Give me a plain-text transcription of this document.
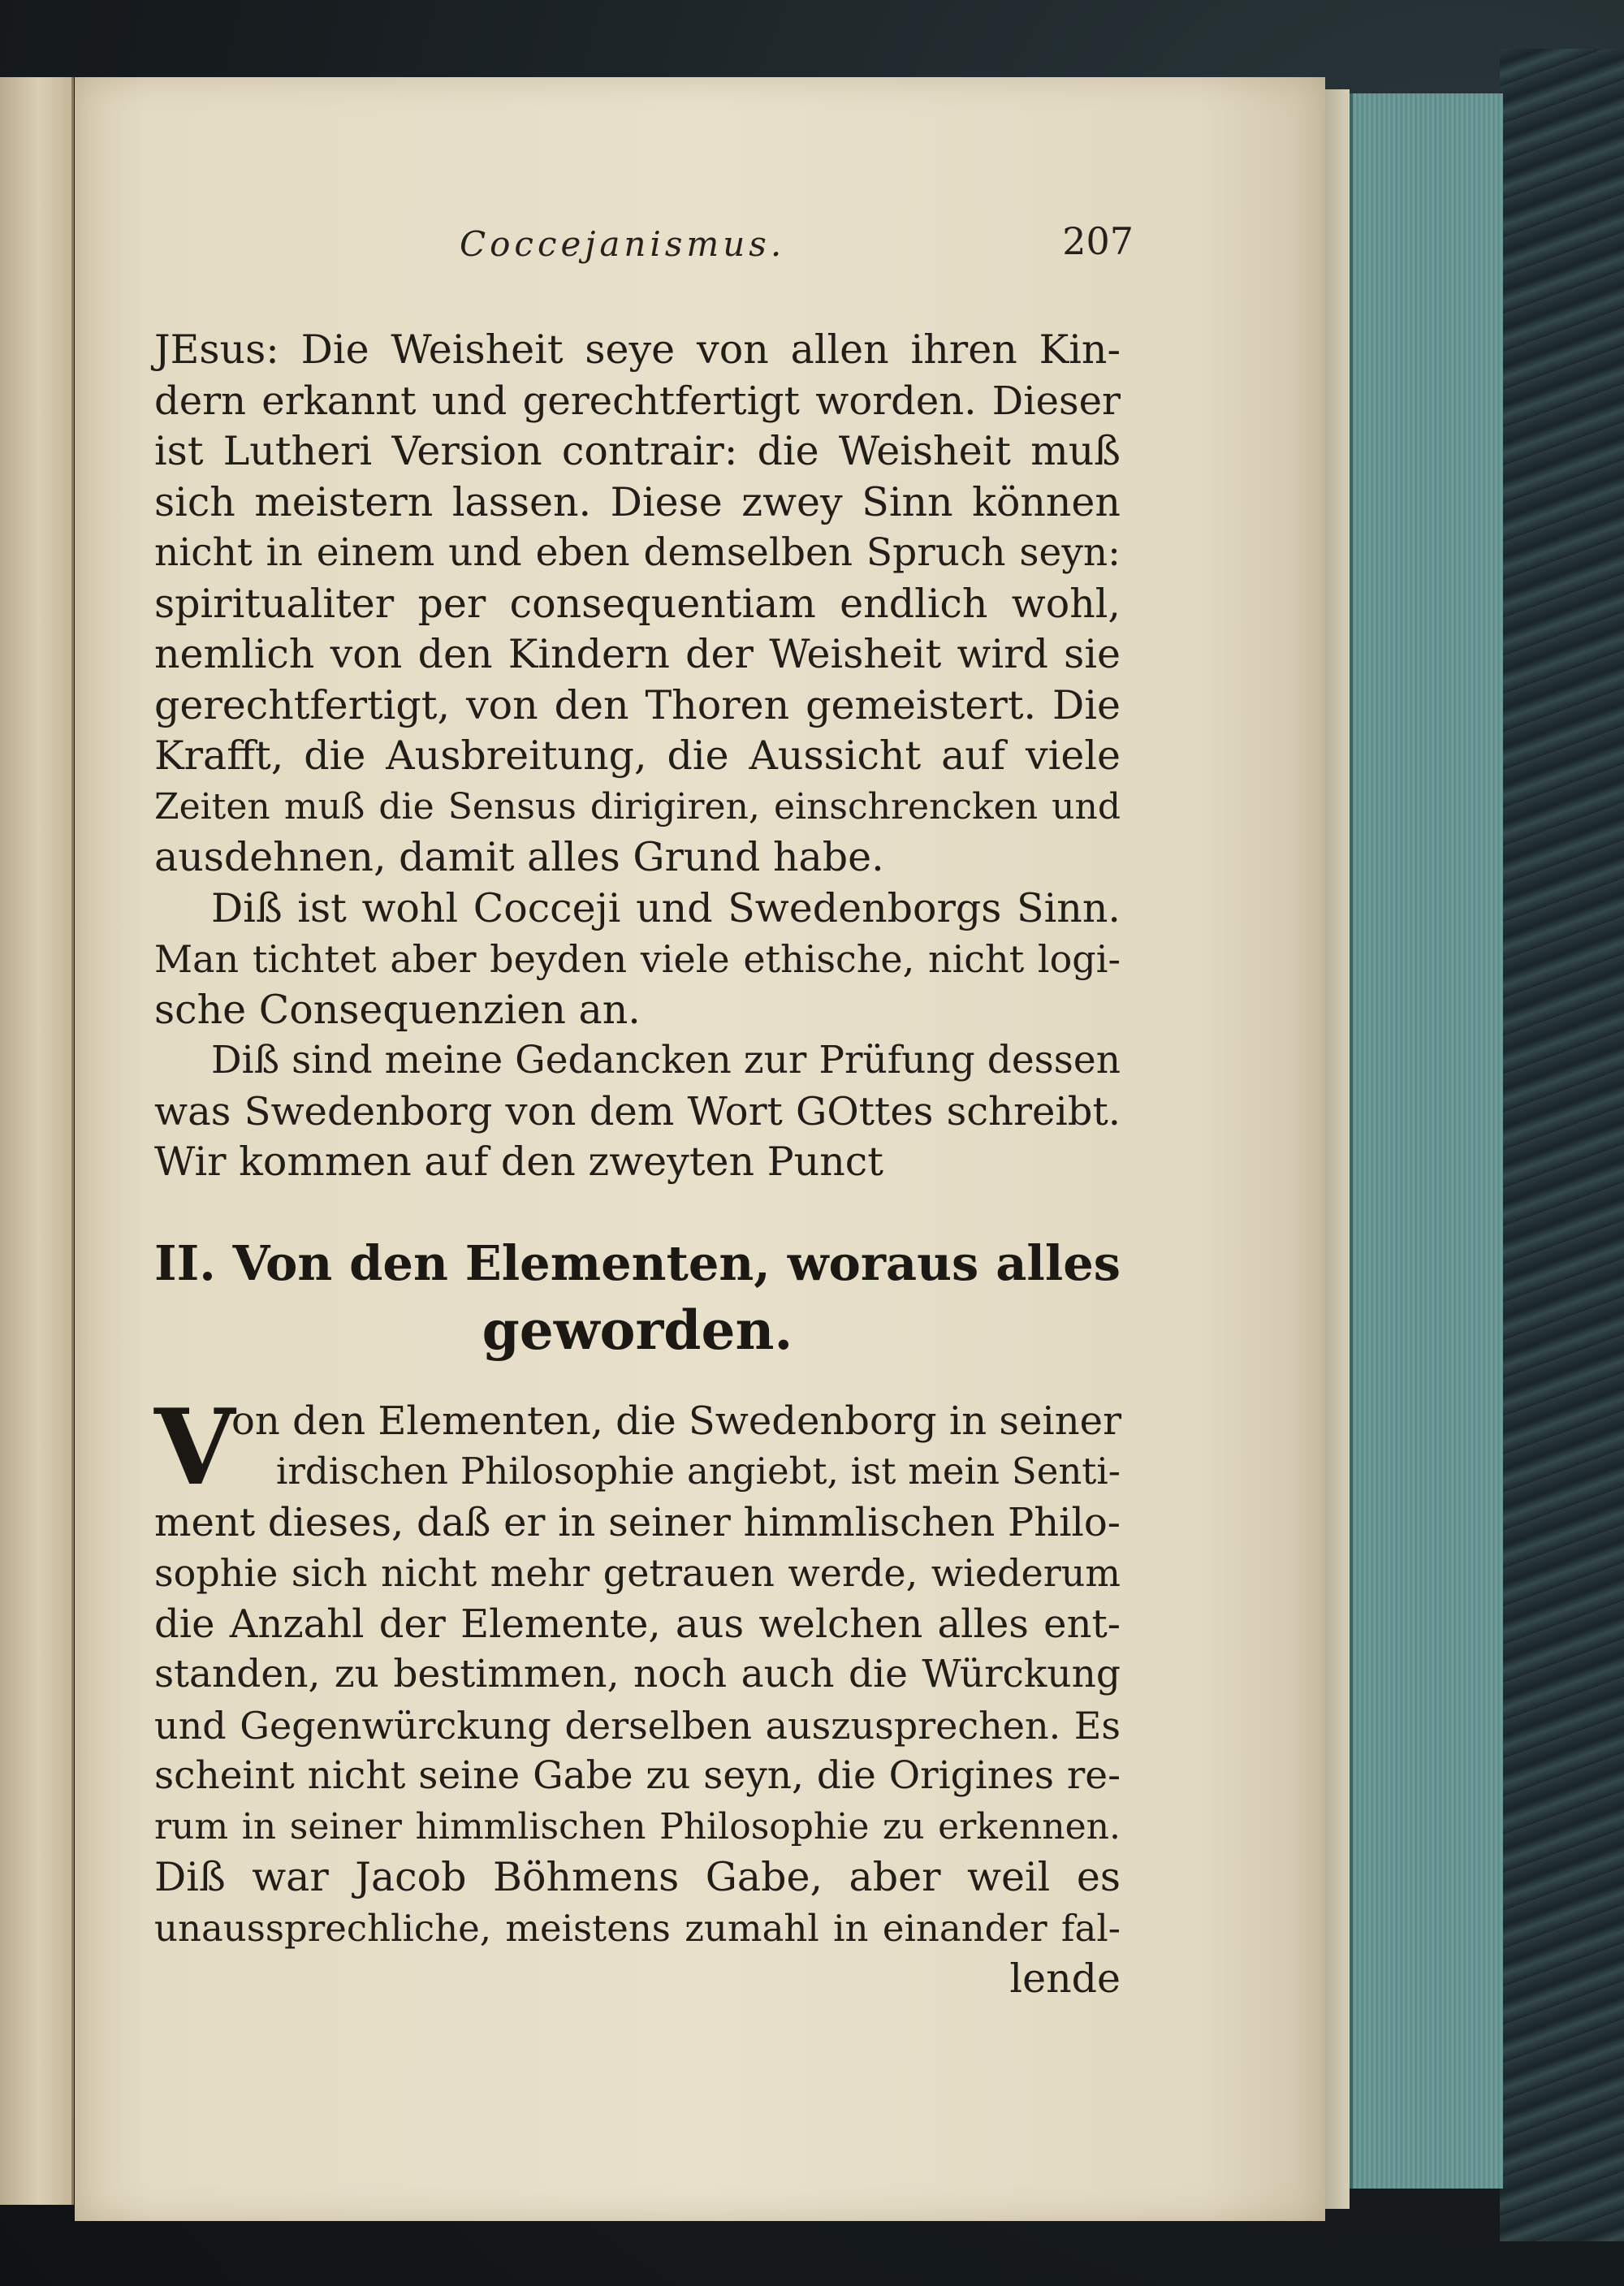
Coccejanismus.	207
JEsus: Die Weisheit seye von allen ihren Kin-
dern erkannt und gerechtfertigt worden. Dieser
ist Lutheri Version contrair: die Weisheit muß
sich meistern lassen. Diese zwey Sinn können
nicht in einem und eben demselben Spruch seyn:
spiritualiter per consequentiam endlich wohl,
nemlich von den Kindern der Weisheit wird sie
gerechtfertigt, von den Thoren gemeistert. Die
Krafft, die Ausbreitung, die Aussicht auf viele
Zeiten muß die Sensus dirigiren, einschrencken und
ausdehnen, damit alles Grund habe.
Diß ist wohl Cocceji und Swedenborgs Sinn.
Man tichtet aber beyden viele ethische, nicht logi-
sche Consequenzien an.
Diß sind meine Gedancken zur Prüfung dessen
was Swedenborg von dem Wort GOttes schreibt.
Wir kommen auf den zweyten Punct
II. Von den Elementen, woraus alles
geworden.
V
on den Elementen, die Swedenborg in seiner
irdischen Philosophie angiebt, ist mein Senti-
ment dieses, daß er in seiner himmlischen Philo-
sophie sich nicht mehr getrauen werde, wiederum
die Anzahl der Elemente, aus welchen alles ent-
standen, zu bestimmen, noch auch die Würckung
und Gegenwürckung derselben auszusprechen. Es
scheint nicht seine Gabe zu seyn, die Origines re-
rum in seiner himmlischen Philosophie zu erkennen.
Diß war Jacob Böhmens Gabe, aber weil es
unaussprechliche, meistens zumahl in einander fal-
lende
